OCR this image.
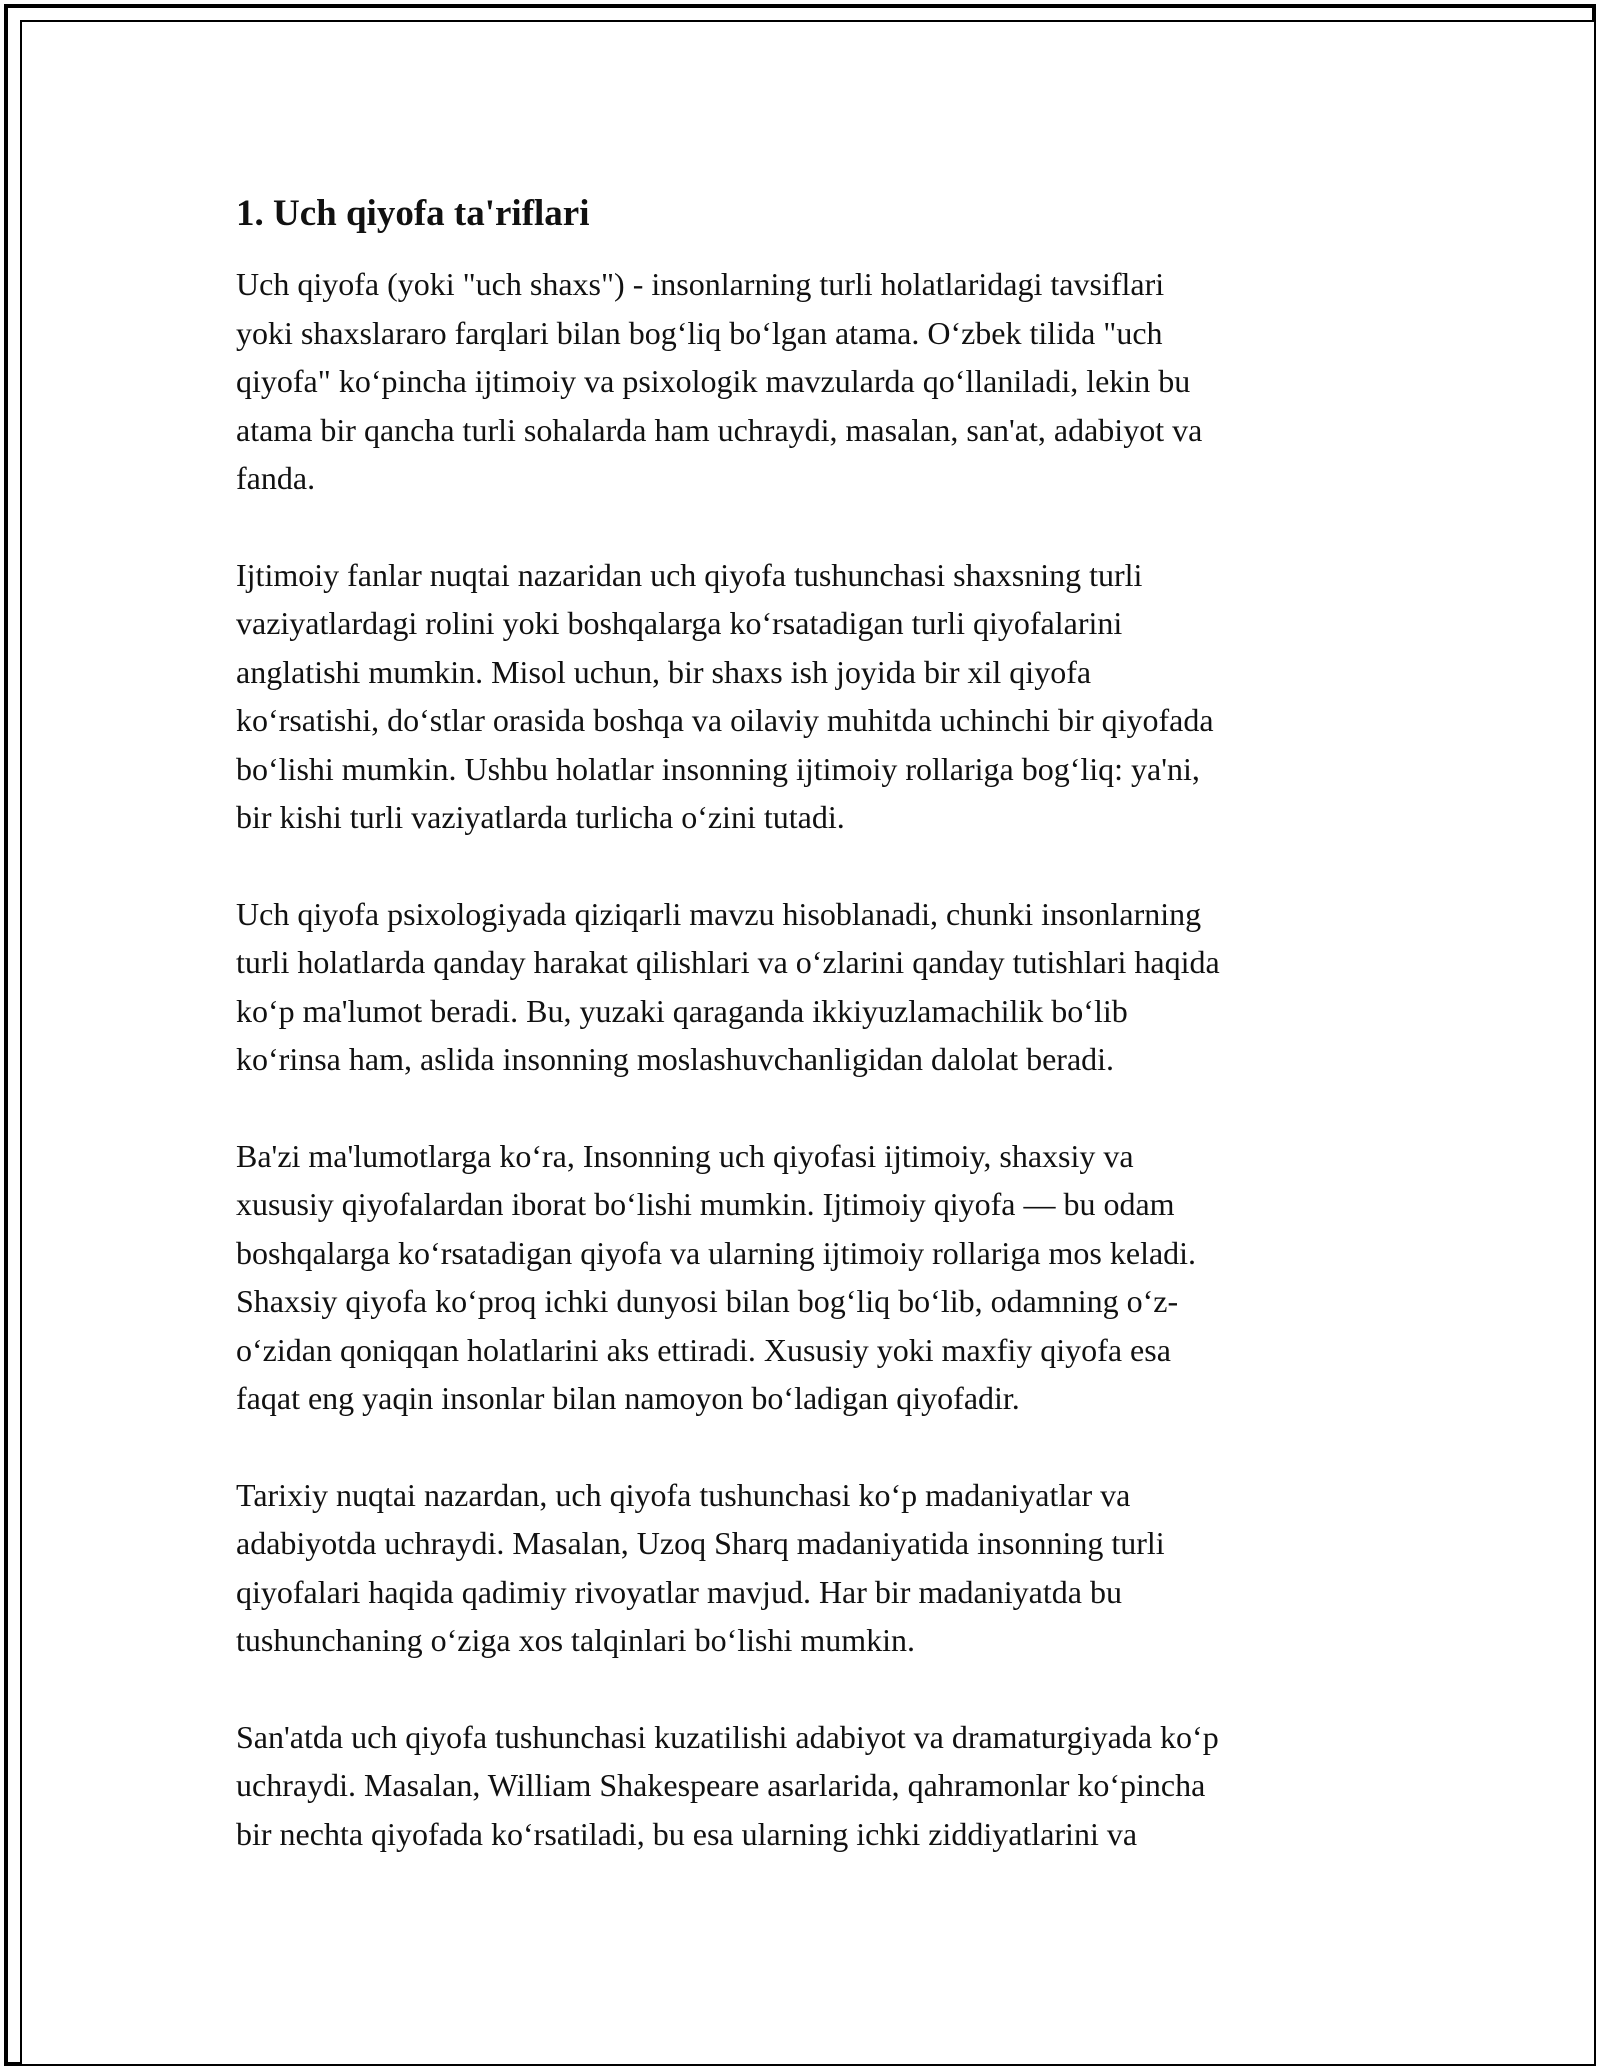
1. Uch qiyofa ta'riflari

Uch qiyofa (yoki "uch shaxs") - insonlarning turli holatlaridagi tavsiflari
yoki shaxslararo farqlari bilan bog‘liq bo‘lgan atama. O‘zbek tilida "uch
qiyofa" ko‘pincha ijtimoiy va psixologik mavzularda qo‘llaniladi, lekin bu
atama bir qancha turli sohalarda ham uchraydi, masalan, san'at, adabiyot va
fanda.

Ijtimoiy fanlar nuqtai nazaridan uch qiyofa tushunchasi shaxsning turli
vaziyatlardagi rolini yoki boshqalarga ko‘rsatadigan turli qiyofalarini
anglatishi mumkin. Misol uchun, bir shaxs ish joyida bir xil qiyofa
ko‘rsatishi, do‘stlar orasida boshqa va oilaviy muhitda uchinchi bir qiyofada
bo‘lishi mumkin. Ushbu holatlar insonning ijtimoiy rollariga bog‘liq: ya'ni,
bir kishi turli vaziyatlarda turlicha o‘zini tutadi.

Uch qiyofa psixologiyada qiziqarli mavzu hisoblanadi, chunki insonlarning
turli holatlarda qanday harakat qilishlari va o‘zlarini qanday tutishlari haqida
ko‘p ma'lumot beradi. Bu, yuzaki qaraganda ikkiyuzlamachilik bo‘lib
ko‘rinsa ham, aslida insonning moslashuvchanligidan dalolat beradi.

Ba'zi ma'lumotlarga ko‘ra, Insonning uch qiyofasi ijtimoiy, shaxsiy va
xususiy qiyofalardan iborat bo‘lishi mumkin. Ijtimoiy qiyofa — bu odam
boshqalarga ko‘rsatadigan qiyofa va ularning ijtimoiy rollariga mos keladi.
Shaxsiy qiyofa ko‘proq ichki dunyosi bilan bog‘liq bo‘lib, odamning o‘z-
o‘zidan qoniqqan holatlarini aks ettiradi. Xususiy yoki maxfiy qiyofa esa
faqat eng yaqin insonlar bilan namoyon bo‘ladigan qiyofadir.

Tarixiy nuqtai nazardan, uch qiyofa tushunchasi ko‘p madaniyatlar va
adabiyotda uchraydi. Masalan, Uzoq Sharq madaniyatida insonning turli
qiyofalari haqida qadimiy rivoyatlar mavjud. Har bir madaniyatda bu
tushunchaning o‘ziga xos talqinlari bo‘lishi mumkin.

San'atda uch qiyofa tushunchasi kuzatilishi adabiyot va dramaturgiyada ko‘p
uchraydi. Masalan, William Shakespeare asarlarida, qahramonlar ko‘pincha
bir nechta qiyofada ko‘rsatiladi, bu esa ularning ichki ziddiyatlarini va
